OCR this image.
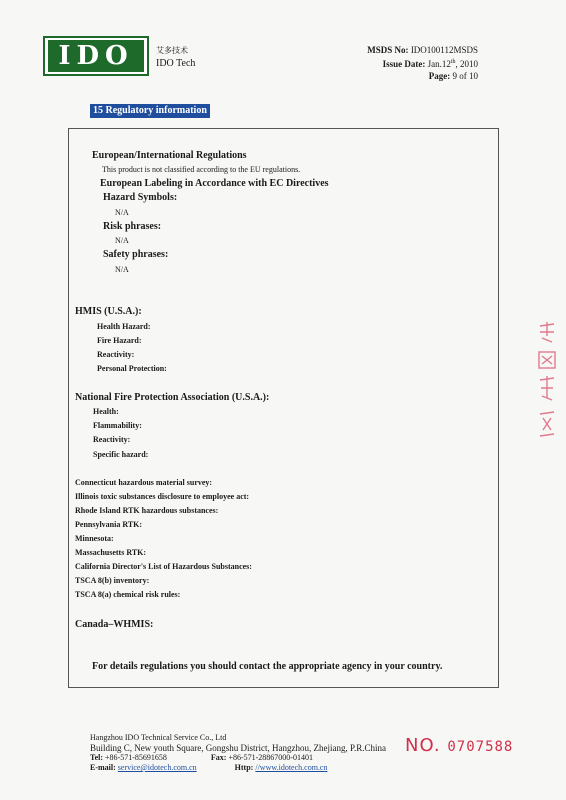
IDO	艾多技术
IDO Tech
MSDS No: IDO100112MSDS
Issue Date: Jan.12th, 2010
Page: 9 of 10
15 Regulatory information
European/International Regulations
This product is not classified according to the EU regulations.
European Labeling in Accordance with EC Directives
Hazard Symbols:
N/A
Risk phrases:
N/A
Safety phrases:
N/A
HMIS (U.S.A.):
Health Hazard:
Fire Hazard:
Reactivity:
Personal Protection:
National Fire Protection Association (U.S.A.):
Health:
Flammability:
Reactivity:
Specific hazard:
Connecticut hazardous material survey:
Illinois toxic substances disclosure to employee act:
Rhode Island RTK hazardous substances:
Pennsylvania RTK:
Minnesota:
Massachusetts RTK:
California Director's List of Hazardous Substances:
TSCA 8(b) inventory:
TSCA 8(a) chemical risk rules:
Canada–WHMIS:
For details regulations you should contact the appropriate agency in your country.
Hangzhou IDO Technical Service Co., Ltd
Building C, New youth Square, Gongshu District, Hangzhou, Zhejiang, P.R.China
Tel: +86-571-85691658	Fax: +86-571-28867000-01401
E-mail: service@idotech.com.cn	Http: //www.idotech.com.cn
NO. 0707588
